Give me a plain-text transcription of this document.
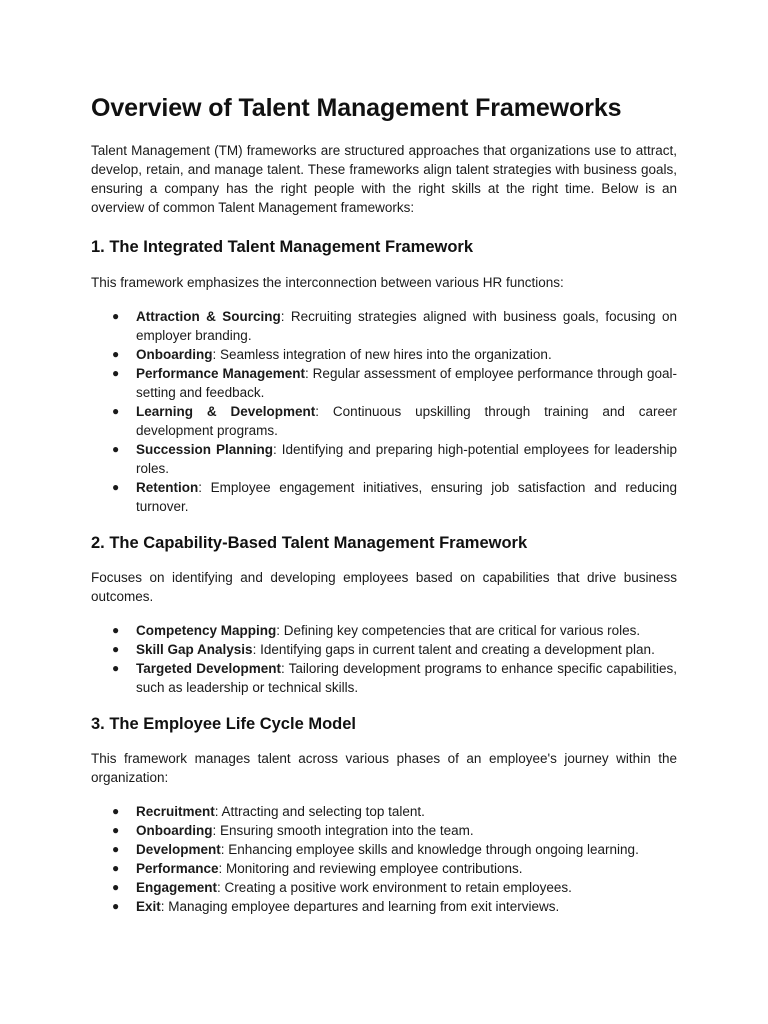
Overview of Talent Management Frameworks

Talent Management (TM) frameworks are structured approaches that organizations use to attract, develop, retain, and manage talent. These frameworks align talent strategies with business goals, ensuring a company has the right people with the right skills at the right time. Below is an overview of common Talent Management frameworks:

1. The Integrated Talent Management Framework

This framework emphasizes the interconnection between various HR functions:

● Attraction & Sourcing: Recruiting strategies aligned with business goals, focusing on employer branding.
● Onboarding: Seamless integration of new hires into the organization.
● Performance Management: Regular assessment of employee performance through goal-setting and feedback.
● Learning & Development: Continuous upskilling through training and career development programs.
● Succession Planning: Identifying and preparing high-potential employees for leadership roles.
● Retention: Employee engagement initiatives, ensuring job satisfaction and reducing turnover.
2. The Capability-Based Talent Management Framework

Focuses on identifying and developing employees based on capabilities that drive business outcomes.

● Competency Mapping: Defining key competencies that are critical for various roles.
● Skill Gap Analysis: Identifying gaps in current talent and creating a development plan.
● Targeted Development: Tailoring development programs to enhance specific capabilities, such as leadership or technical skills.
3. The Employee Life Cycle Model

This framework manages talent across various phases of an employee's journey within the organization:

● Recruitment: Attracting and selecting top talent.
● Onboarding: Ensuring smooth integration into the team.
● Development: Enhancing employee skills and knowledge through ongoing learning.
● Performance: Monitoring and reviewing employee contributions.
● Engagement: Creating a positive work environment to retain employees.
● Exit: Managing employee departures and learning from exit interviews.
